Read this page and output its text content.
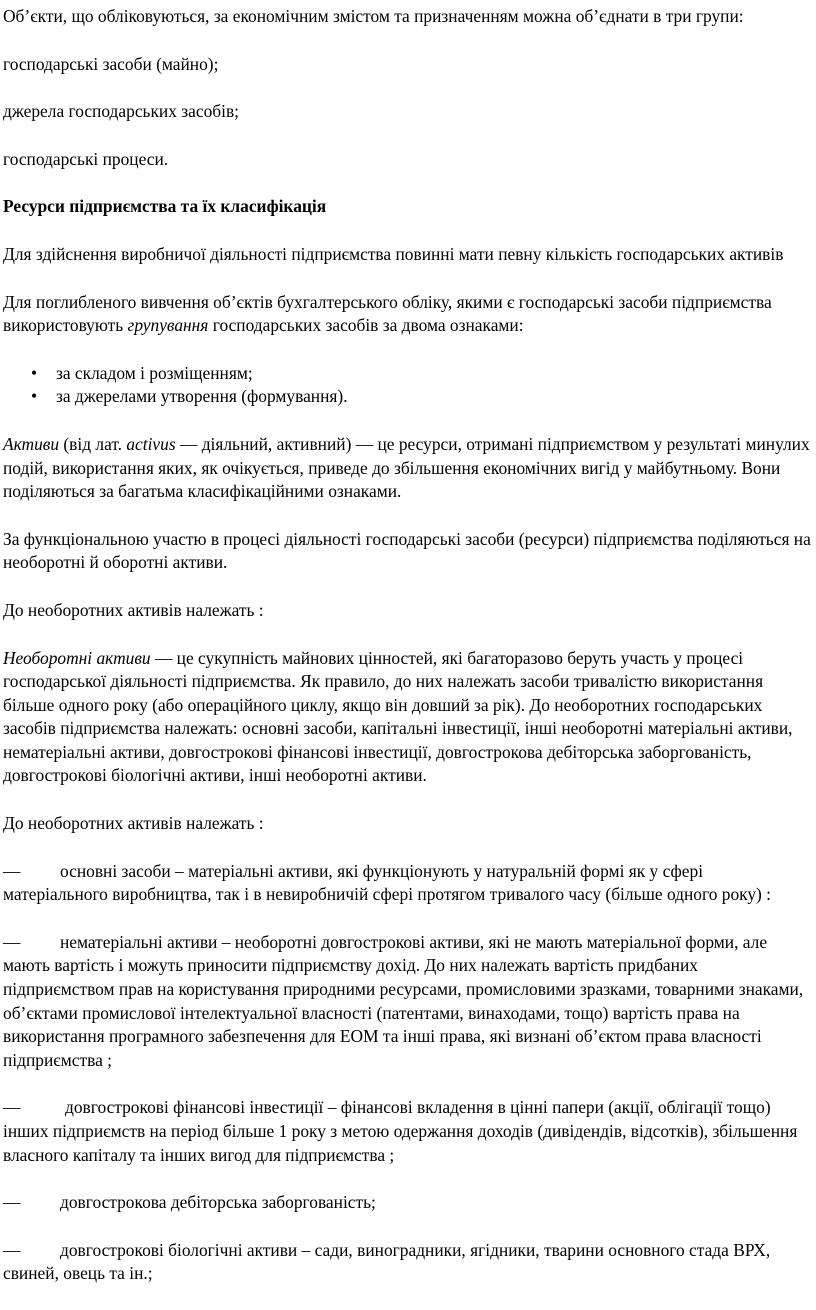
Об’єкти, що обліковуються, за економічним змістом та призначенням можна об’єднати в три групи:

господарські засоби (майно);

джерела господарських засобів;

господарські процеси.

Ресурси підприємства та їх класифікація

Для здійснення виробничої діяльності підприємства повинні мати певну кількість господарських активів

Для поглибленого вивчення об’єктів бухгалтерського обліку, якими є господарські засоби підприємства використовують групування господарських засобів за двома ознаками:

• за складом і розміщенням;
• за джерелами утворення (формування).

Активи (від лат. activus — діяльний, активний) — це ресурси, отримані підприємством у результаті минулих подій, використання яких, як очікується, приведе до збільшення економічних вигід у майбутньому. Вони поділяються за багатьма класифікаційними ознаками.

За функціональною участю в процесі діяльності господарські засоби (ресурси) підприємства поділяються на необоротні й оборотні активи.

До необоротних активів належать :

Необоротні активи — це сукупність майнових цінностей, які багаторазово беруть участь у процесі господарської діяльності підприємства. Як правило, до них належать засоби тривалістю використання більше одного року (або операційного циклу, якщо він довший за рік). До необоротних господарських засобів підприємства належать: основні засоби, капітальні інвестиції, інші необоротні матеріальні активи, нематеріальні активи, довгострокові фінансові інвестиції, довгострокова дебіторська заборгованість, довгострокові біологічні активи, інші необоротні активи.

До необоротних активів належать :

— основні засоби – матеріальні активи, які функціонують у натуральній формі як у сфері матеріального виробництва, так і в невиробничій сфері протягом тривалого часу (більше одного року) :

— нематеріальні активи – необоротні довгострокові активи, які не мають матеріальної форми, але мають вартість і можуть приносити підприємству дохід. До них належать вартість придбаних підприємством прав на користування природними ресурсами, промисловими зразками, товарними знаками, об’єктами промислової інтелектуальної власності (патентами, винаходами, тощо) вартість права на використання програмного забезпечення для ЕОМ та інші права, які визнані об’єктом права власності підприємства ;

—	довгострокові фінансові інвестиції – фінансові вкладення в цінні папери (акції, облігації тощо) інших підприємств на період більше 1 року з метою одержання доходів (дивідендів, відсотків), збільшення власного капіталу та інших вигод для підприємства ;

— довгострокова дебіторська заборгованість;

— довгострокові біологічні активи – сади, виноградники, ягідники, тварини основного стада ВРХ, свиней, овець та ін.;
